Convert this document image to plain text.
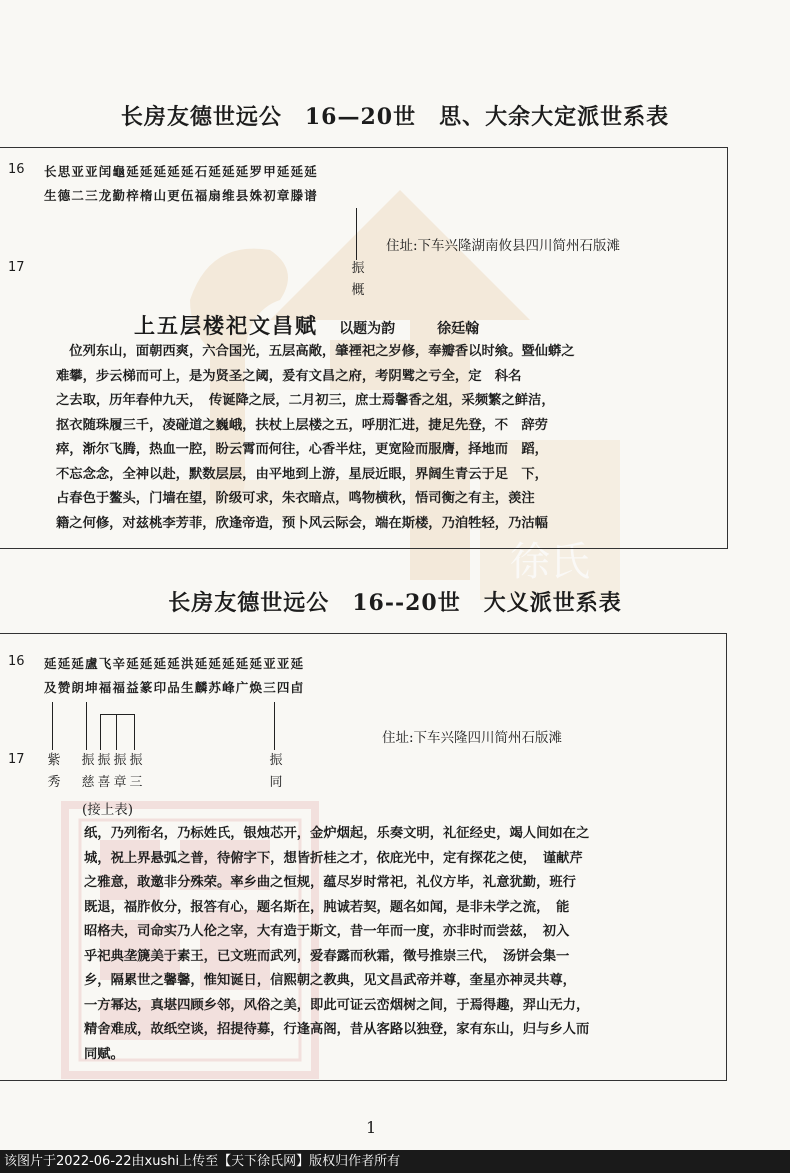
徐氏
长房友德世远公　16—20世　思、大余大定派世系表
16 长思亚亚闰龜延延延延延石延延延罗甲延延延
生德二三龙勤梓楕山更伍福扇维县姝初章滕谱
住址:下车兴隆湖南攸县四川简州石版滩
17	振概
上五层楼祀文昌赋 以题为韵　　　徐廷翰
　位列东山，面朝西爽，六合国光，五层高敞，肇禋祀之岁修，奉瓣香以时飨。暨仙蟒之
难攀，步云梯而可上，是为贤圣之阈，爰有文昌之府，考阴骘之亏全，定　科名
之去取，历年春仲九天，　传诞降之辰，二月初三，庶士焉馨香之俎，采频繁之鲜洁，
抠衣随珠履三千，凌碰道之巍峨，扶杖上层楼之五，呼朋汇进，捷足先登，不　辞劳
瘁，渐尔飞腾，热血一腔，盼云霄而何往，心香半炷，更宽险而服膺，择地而　蹈，
不忘念念，全神以赴，默数层层，由平地到上游，星辰近眼，界阔生青云于足　下，
占春色于鳌头，门墙在望，阶级可求，朱衣暗点，鸣物横秋，悟司衡之有主，羡注
籍之何修，对兹桃李芳菲，欣逢帝造，预卜风云际会，端在斯楼，乃洎牲轻，乃沽幅
长房友德世远公　16--20世　大义派世系表
16 延延延盧飞辛延延延延洪延延延延延亚亚延
及赞朗坤福福益篆印品生麟苏峰广焕三四卣
住址:下车兴隆四川简州石版滩
17 紫秀
振慈
振喜
振章
振三
振同
(接上表)
纸，乃列衔名，乃标姓氏，银烛芯开，金炉烟起，乐奏文明，礼征经史，竭人间如在之
城，祝上界悬弧之普，待俯字下，想皆折桂之才，依庇光中，定有探花之使，　谨献芹
之雅意，敢邀非分殊荣。率乡曲之恒规，蕴尽岁时常祀，礼仪方毕，礼意犹勤，班行
既退，福胙攸分，报答有心，题名斯在，肫诚若契，题名如闻，是非未学之流，　能
昭格夫，司命实乃人伦之宰，大有造于斯文，昔一年而一度，亦非时而尝兹，　初入
乎祀典垄篪美于素王，已文班而武列，爱春露而秋霜，徵号推崇三代，　汤饼会集一
乡，隔累世之馨馨，惟知诞日，信熙朝之教典，见文昌武帝并尊，奎星亦神灵共尊，
一方幂达，真堪四顾乡邻，风俗之美，即此可证云峦烟树之间，于焉得趣，羿山无力，
精舍难成，故纸空谈，招提待募，行逢高阁，昔从客路以独登，家有东山，归与乡人而
同赋。
1
该图片于2022-06-22由xushi上传至【天下徐氏网】版权归作者所有
